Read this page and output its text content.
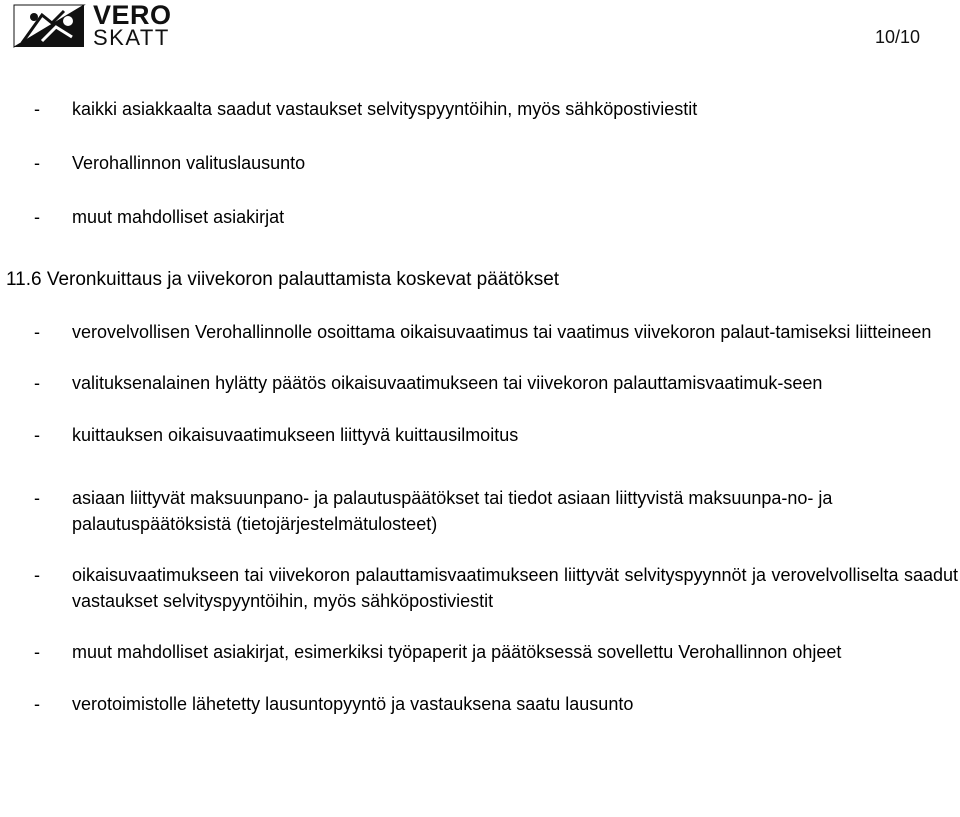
VERO
SKATT	10/10
- kaikki asiakkaalta saadut vastaukset selvityspyyntöihin, myös sähköpostiviestit
- Verohallinnon valituslausunto
- muut mahdolliset asiakirjat
11.6 Veronkuittaus ja viivekoron palauttamista koskevat päätökset
- verovelvollisen Verohallinnolle osoittama oikaisuvaatimus tai vaatimus viivekoron palaut-tamiseksi liitteineen
- valituksenalainen hylätty päätös oikaisuvaatimukseen tai viivekoron palauttamisvaatimuk-seen
- kuittauksen oikaisuvaatimukseen liittyvä kuittausilmoitus
- asiaan liittyvät maksuunpano- ja palautuspäätökset tai tiedot asiaan liittyvistä maksuunpa-no- ja palautuspäätöksistä (tietojärjestelmätulosteet)
- oikaisuvaatimukseen tai viivekoron palauttamisvaatimukseen liittyvät selvityspyynnöt ja verovelvolliselta saadut vastaukset selvityspyyntöihin, myös sähköpostiviestit
- muut mahdolliset asiakirjat, esimerkiksi työpaperit ja päätöksessä sovellettu Verohallinnon ohjeet
- verotoimistolle lähetetty lausuntopyyntö ja vastauksena saatu lausunto
